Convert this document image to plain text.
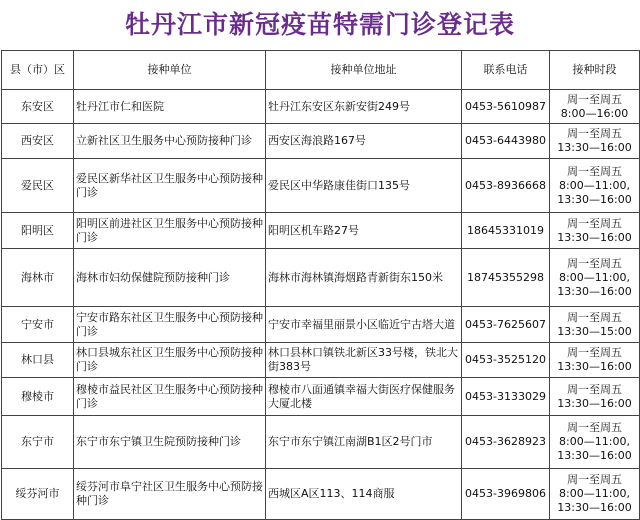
牡丹江市新冠疫苗特需门诊登记表
县（市）区	接种单位	接种单位地址	联系电话	接种时段
东安区	牡丹江市仁和医院	牡丹江东安区东新安街249号	0453-5610987	周一至周五
8:00—16:00

西安区	立新社区卫生服务中心预防接种门诊	西安区海浪路167号	0453-6443980	周一至周五
13:30—16:00

爱民区	爱民区新华社区卫生服务中心预防接种门诊	爱民区中华路康佳街口135号	0453-8936668	周一至周五
8:00—11:00,
13:30—16:00

阳明区	阳明区前进社区卫生服务中心预防接种门诊	阳明区机车路27号	18645331019	周一至周五
13:30—16:00

海林市	海林市妇幼保健院预防接种门诊	海林市海林镇海烟路青新街东150米	18745355298	周一至周五
8:00—11:00,
13:30—16:00

宁安市	宁安市路东社区卫生服务中心预防接种门诊	宁安市幸福里丽景小区临近宁古塔大道	0453-7625607	周一至周五
13:30—15:00

林口县	林口县城东社区卫生服务中心预防接种门诊	林口县林口镇铁北新区33号楼，铁北大街383号	0453-3525120	周一至周五
13:30—16:00

穆棱市	穆棱市益民社区卫生服务中心预防接种门诊	穆棱市八面通镇幸福大街医疗保健服务大厦北楼	0453-3133029	周一至周五
13:30—16:00

东宁市	东宁市东宁镇卫生院预防接种门诊	东宁市东宁镇江南湖B1区2号门市	0453-3628923	周一至周五
8:00—11:00,
13:30—16:00

绥芬河市	绥芬河市阜宁社区卫生服务中心预防接种门诊	西城区A区113、114商服	0453-3969806	周一至周五
8:00—11:00,
13:30—16:00
